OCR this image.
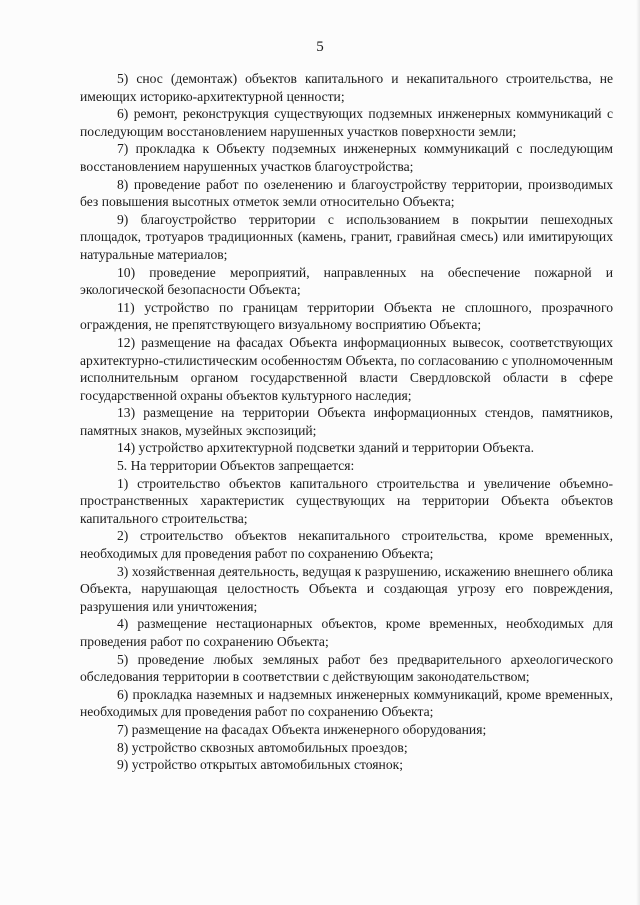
5

5) снос (демонтаж) объектов капитального и некапитального строительства, не имеющих историко-архитектурной ценности;

6) ремонт, реконструкция существующих подземных инженерных коммуникаций с последующим восстановлением нарушенных участков поверхности земли;

7) прокладка к Объекту подземных инженерных коммуникаций с последующим восстановлением нарушенных участков благоустройства;

8) проведение работ по озеленению и благоустройству территории, производимых без повышения высотных отметок земли относительно Объекта;

9) благоустройство территории с использованием в покрытии пешеходных площадок, тротуаров традиционных (камень, гранит, гравийная смесь) или имитирующих натуральные материалов;

10) проведение мероприятий, направленных на обеспечение пожарной и экологической безопасности Объекта;

11) устройство по границам территории Объекта не сплошного, прозрачного ограждения, не препятствующего визуальному восприятию Объекта;

12) размещение на фасадах Объекта информационных вывесок, соответствующих архитектурно-стилистическим особенностям Объекта, по согласованию с уполномоченным исполнительным органом государственной власти Свердловской области в сфере государственной охраны объектов культурного наследия;

13) размещение на территории Объекта информационных стендов, памятников, памятных знаков, музейных экспозиций;

14) устройство архитектурной подсветки зданий и территории Объекта.

5. На территории Объектов запрещается:

1) строительство объектов капитального строительства и увеличение объемно-пространственных характеристик существующих на территории Объекта объектов капитального строительства;

2) строительство объектов некапитального строительства, кроме временных, необходимых для проведения работ по сохранению Объекта;

3) хозяйственная деятельность, ведущая к разрушению, искажению внешнего облика Объекта, нарушающая целостность Объекта и создающая угрозу его повреждения, разрушения или уничтожения;

4) размещение нестационарных объектов, кроме временных, необходимых для проведения работ по сохранению Объекта;

5) проведение любых земляных работ без предварительного археологического обследования территории в соответствии с действующим законодательством;

6) прокладка наземных и надземных инженерных коммуникаций, кроме временных, необходимых для проведения работ по сохранению Объекта;

7) размещение на фасадах Объекта инженерного оборудования;

8) устройство сквозных автомобильных проездов;

9) устройство открытых автомобильных стоянок;
